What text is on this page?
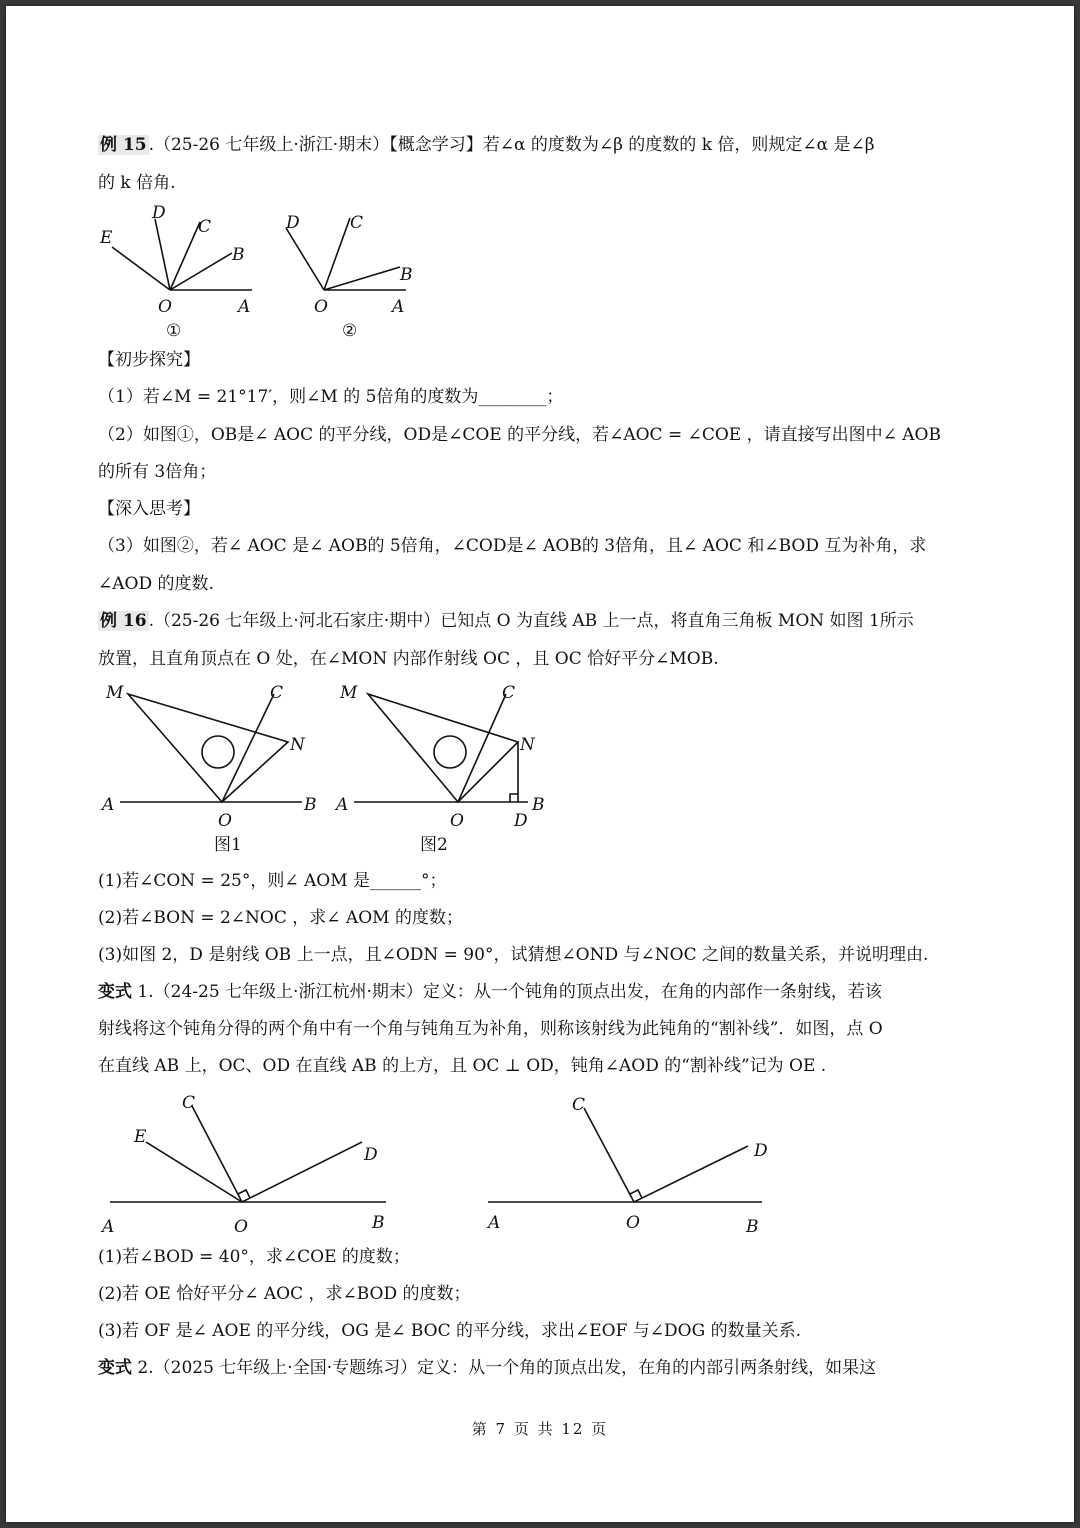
例 15 .（25-26 七年级上·浙江·期末）【概念学习】若∠α 的度数为∠β 的度数的 k 倍，则规定∠α 是∠β
的 k 倍角.
E
D
C
B
O	A
①
D	C
B
O	A
②
【初步探究】
（1）若∠M = 21°17′，则∠M 的 5倍角的度数为________；
（2）如图①，OB是∠ AOC 的平分线，OD是∠COE 的平分线，若∠AOC = ∠COE ，请直接写出图中∠ AOB
的所有 3倍角；
【深入思考】
（3）如图②，若∠ AOC 是∠ AOB的 5倍角，∠COD是∠ AOB的 3倍角，且∠ AOC 和∠BOD 互为补角，求
∠AOD 的度数.
例 16 .（25-26 七年级上·河北石家庄·期中）已知点 O 为直线 AB 上一点，将直角三角板 MON 如图 1所示
放置，且直角顶点在 O 处，在∠MON 内部作射线 OC ，且 OC 恰好平分∠MOB.
M	C
N
A
O
B
图1
M	C
N
A
O	D
B
图2
(1)若∠CON = 25°，则∠ AOM 是______°；
(2)若∠BON = 2∠NOC ，求∠ AOM 的度数；
(3)如图 2，D 是射线 OB 上一点，且∠ODN = 90°，试猜想∠OND 与∠NOC 之间的数量关系，并说明理由.
变式 1.（24-25 七年级上·浙江杭州·期末）定义：从一个钝角的顶点出发，在角的内部作一条射线，若该
射线将这个钝角分得的两个角中有一个角与钝角互为补角，则称该射线为此钝角的“割补线”．如图，点 O
在直线 AB 上，OC、OD 在直线 AB 的上方，且 OC ⊥ OD，钝角∠AOD 的“割补线”记为 OE .
C
E
D
A	O	B
C
D
A	O	B
(1)若∠BOD = 40°，求∠COE 的度数；
(2)若 OE 恰好平分∠ AOC ，求∠BOD 的度数；
(3)若 OF 是∠ AOE 的平分线，OG 是∠ BOC 的平分线，求出∠EOF 与∠DOG 的数量关系.
变式 2.（2025 七年级上·全国·专题练习）定义：从一个角的顶点出发，在角的内部引两条射线，如果这
第 7 页 共 12 页
